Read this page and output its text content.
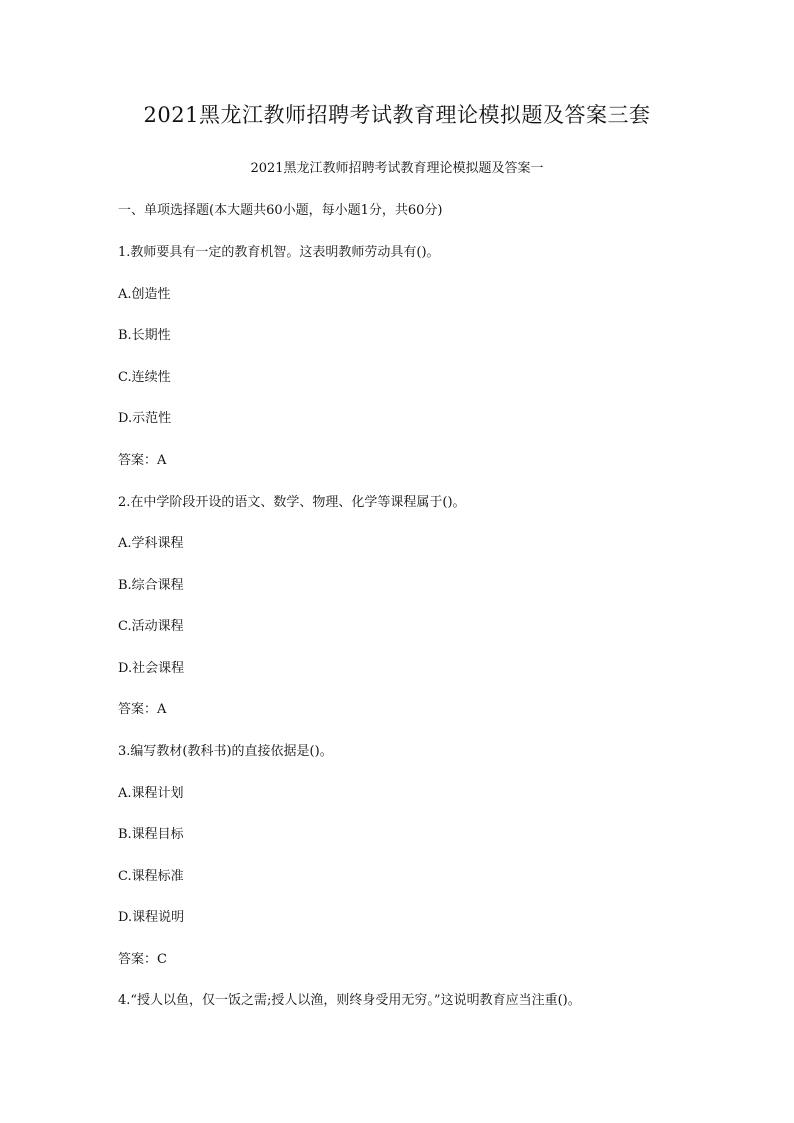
2021黑龙江教师招聘考试教育理论模拟题及答案三套
2021黑龙江教师招聘考试教育理论模拟题及答案一
一、单项选择题(本大题共60小题，每小题1分，共60分)
1.教师要具有一定的教育机智。这表明教师劳动具有()。
A.创造性
B.长期性
C.连续性
D.示范性
答案：A
2.在中学阶段开设的语文、数学、物理、化学等课程属于()。
A.学科课程
B.综合课程
C.活动课程
D.社会课程
答案：A
3.编写教材(教科书)的直接依据是()。
A.课程计划
B.课程目标
C.课程标准
D.课程说明
答案：C
4.“授人以鱼，仅一饭之需;授人以渔，则终身受用无穷。”这说明教育应当注重()。
